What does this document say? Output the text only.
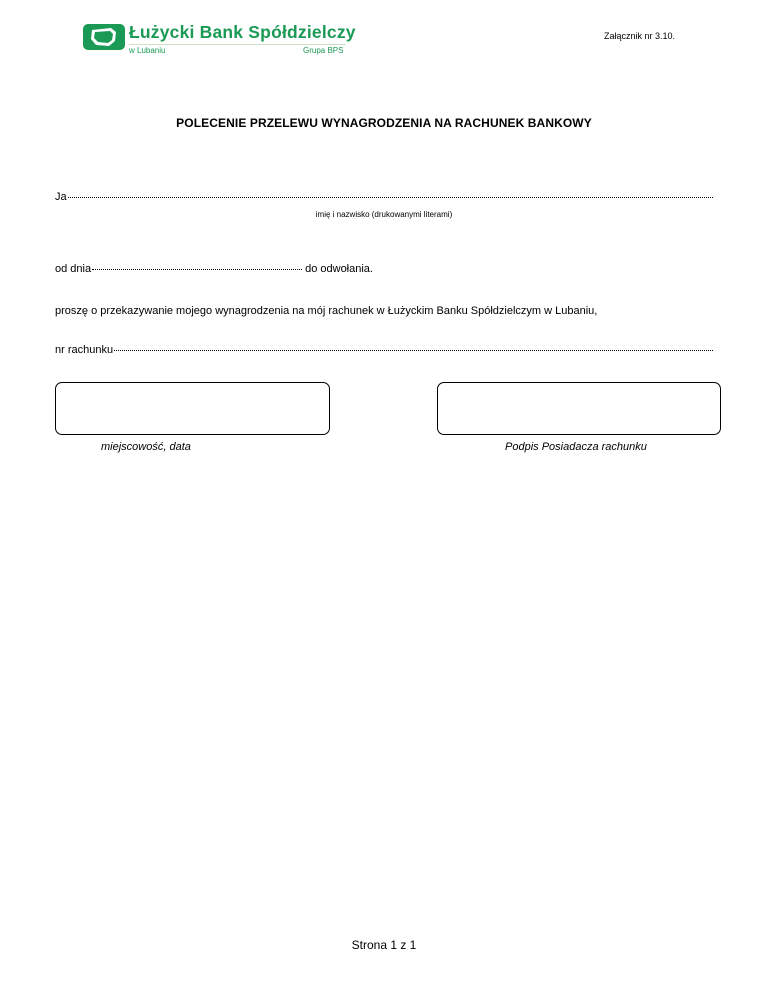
Łużycki Bank Spółdzielczy
w Lubaniu	Grupa BPS
Załącznik nr 3.10.
POLECENIE PRZELEWU WYNAGRODZENIA NA RACHUNEK BANKOWY
Ja
imię i nazwisko (drukowanymi literami)
od dnia	do odwołania.
proszę o przekazywanie mojego wynagrodzenia na mój rachunek w Łużyckim Banku Spółdzielczym w Lubaniu,
nr rachunku
miejscowość, data	Podpis Posiadacza rachunku
Strona 1 z 1
